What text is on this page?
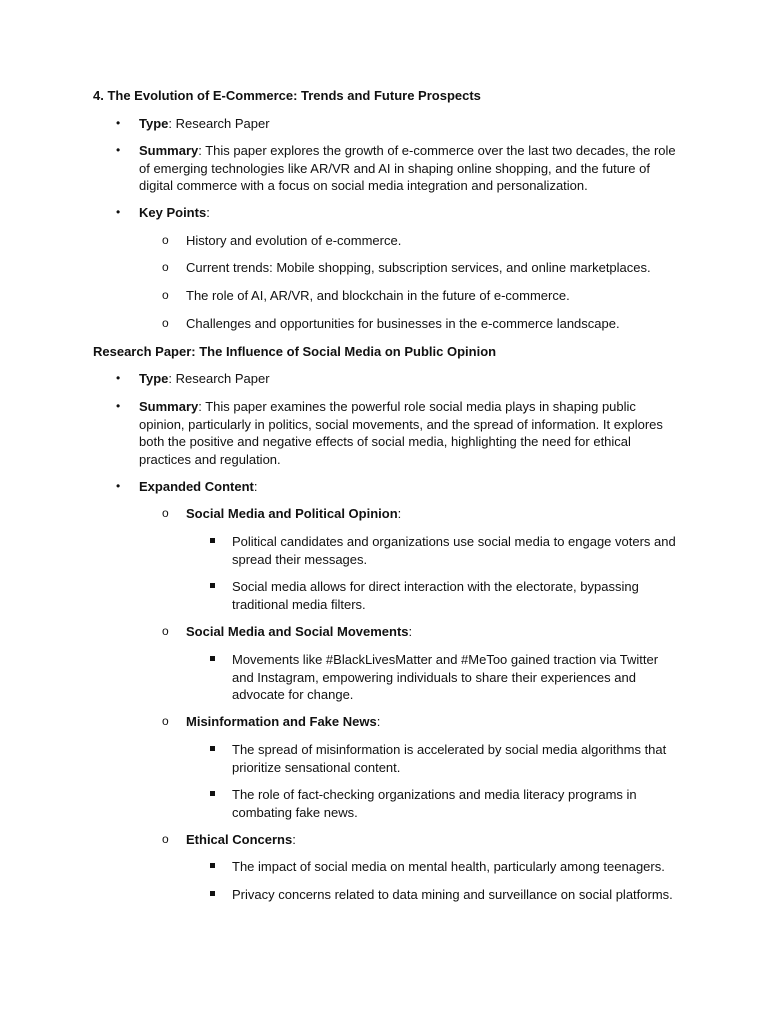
4. The Evolution of E-Commerce: Trends and Future Prospects
• Type: Research Paper
• Summary: This paper explores the growth of e-commerce over the last two decades, the role of emerging technologies like AR/VR and AI in shaping online shopping, and the future of digital commerce with a focus on social media integration and personalization.
• Key Points:
o History and evolution of e-commerce.
o Current trends: Mobile shopping, subscription services, and online marketplaces.
o The role of AI, AR/VR, and blockchain in the future of e-commerce.
o Challenges and opportunities for businesses in the e-commerce landscape.
Research Paper: The Influence of Social Media on Public Opinion
• Type: Research Paper
• Summary: This paper examines the powerful role social media plays in shaping public opinion, particularly in politics, social movements, and the spread of information. It explores both the positive and negative effects of social media, highlighting the need for ethical practices and regulation.
• Expanded Content:
o Social Media and Political Opinion:
Political candidates and organizations use social media to engage voters and spread their messages.
Social media allows for direct interaction with the electorate, bypassing traditional media filters.
o Social Media and Social Movements:
Movements like #BlackLivesMatter and #MeToo gained traction via Twitter and Instagram, empowering individuals to share their experiences and advocate for change.
o Misinformation and Fake News:
The spread of misinformation is accelerated by social media algorithms that prioritize sensational content.
The role of fact-checking organizations and media literacy programs in combating fake news.
o Ethical Concerns:
The impact of social media on mental health, particularly among teenagers.
Privacy concerns related to data mining and surveillance on social platforms.
